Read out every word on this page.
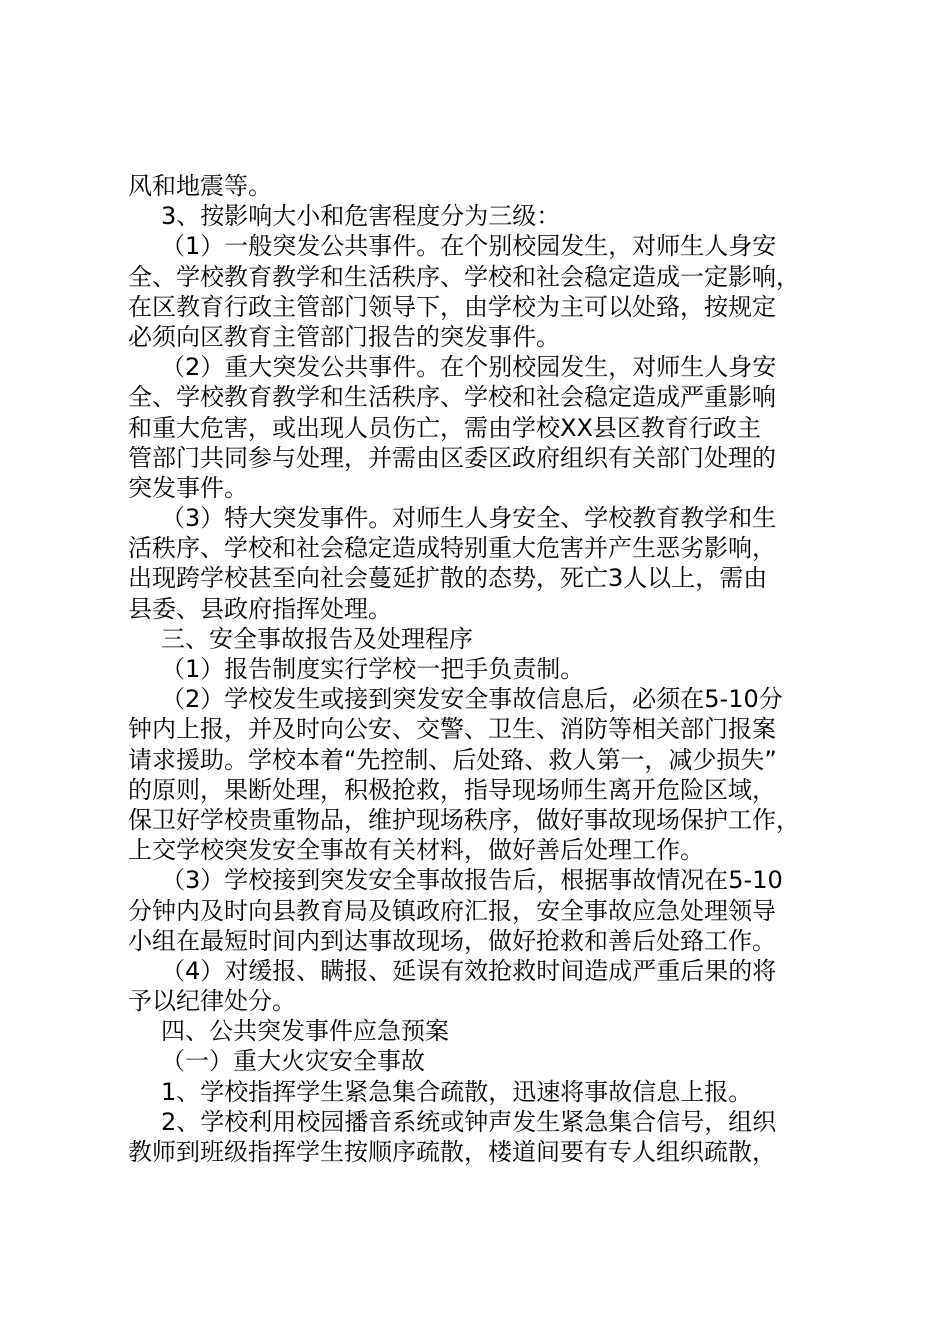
风和地震等。
3、按影响大小和危害程度分为三级：
（1）一般突发公共事件。在个别校园发生，对师生人身安
全、学校教育教学和生活秩序、学校和社会稳定造成一定影响，
在区教育行政主管部门领导下，由学校为主可以处臵，按规定
必须向区教育主管部门报告的突发事件。
（2）重大突发公共事件。在个别校园发生，对师生人身安
全、学校教育教学和生活秩序、学校和社会稳定造成严重影响
和重大危害，或出现人员伤亡，需由学校XX县区教育行政主
管部门共同参与处理，并需由区委区政府组织有关部门处理的
突发事件。
（3）特大突发事件。对师生人身安全、学校教育教学和生
活秩序、学校和社会稳定造成特别重大危害并产生恶劣影响，
出现跨学校甚至向社会蔓延扩散的态势，死亡3人以上，需由
县委、县政府指挥处理。
三、安全事故报告及处理程序
（1）报告制度实行学校一把手负责制。
（2）学校发生或接到突发安全事故信息后，必须在5-10分
钟内上报，并及时向公安、交警、卫生、消防等相关部门报案
请求援助。学校本着“先控制、后处臵、救人第一，减少损失”
的原则，果断处理，积极抢救，指导现场师生离开危险区域，
保卫好学校贵重物品，维护现场秩序，做好事故现场保护工作，
上交学校突发安全事故有关材料，做好善后处理工作。
（3）学校接到突发安全事故报告后，根据事故情况在5-10
分钟内及时向县教育局及镇政府汇报，安全事故应急处理领导
小组在最短时间内到达事故现场，做好抢救和善后处臵工作。
（4）对缓报、瞒报、延误有效抢救时间造成严重后果的将
予以纪律处分。
四、公共突发事件应急预案
（一）重大火灾安全事故
1、学校指挥学生紧急集合疏散，迅速将事故信息上报。
2、学校利用校园播音系统或钟声发生紧急集合信号，组织
教师到班级指挥学生按顺序疏散，楼道间要有专人组织疏散，
